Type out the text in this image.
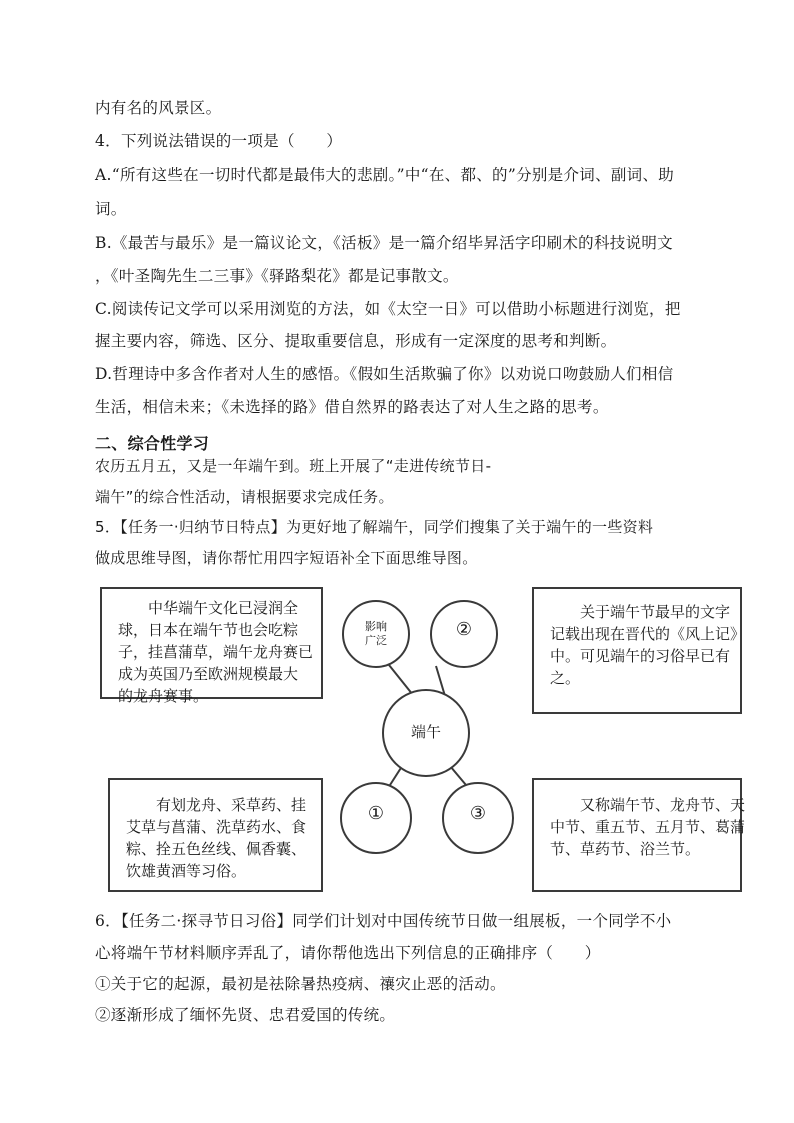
内有名的风景区。
4．下列说法错误的一项是（　　）
A.“所有这些在一切时代都是最伟大的悲剧。”中“在、都、的”分别是介词、副词、助
词。
B.《最苦与最乐》是一篇议论文，《活板》是一篇介绍毕昇活字印刷术的科技说明文
，《叶圣陶先生二三事》《驿路梨花》都是记事散文。
C.阅读传记文学可以采用浏览的方法，如《太空一日》可以借助小标题进行浏览，把
握主要内容，筛选、区分、提取重要信息，形成有一定深度的思考和判断。
D.哲理诗中多含作者对人生的感悟。《假如生活欺骗了你》以劝说口吻鼓励人们相信
生活，相信未来；《未选择的路》借自然界的路表达了对人生之路的思考。
二、综合性学习
农历五月五，又是一年端午到。班上开展了“走进传统节日-
端午”的综合性活动，请根据要求完成任务。
5．【任务一·归纳节日特点】为更好地了解端午，同学们搜集了关于端午的一些资料
做成思维导图，请你帮忙用四字短语补全下面思维导图。
影响
广泛
②
端午
①	③
　　中华端午文化已浸润全
球，日本在端午节也会吃粽
子，挂菖蒲草，端午龙舟赛已
成为英国乃至欧洲规模最大
的龙舟赛事。
　　关于端午节最早的文字
记载出现在晋代的《风上记》
中。可见端午的习俗早已有
之。
　　有划龙舟、采草药、挂
艾草与菖蒲、洗草药水、食
粽、拴五色丝线、佩香囊、
饮雄黄酒等习俗。
　　又称端午节、龙舟节、天
中节、重五节、五月节、葛蒲
节、草药节、浴兰节。
6．【任务二·探寻节日习俗】同学们计划对中国传统节日做一组展板，一个同学不小
心将端午节材料顺序弄乱了，请你帮他选出下列信息的正确排序（　　）
①关于它的起源，最初是祛除暑热疫病、禳灾止恶的活动。
②逐渐形成了缅怀先贤、忠君爱国的传统。
